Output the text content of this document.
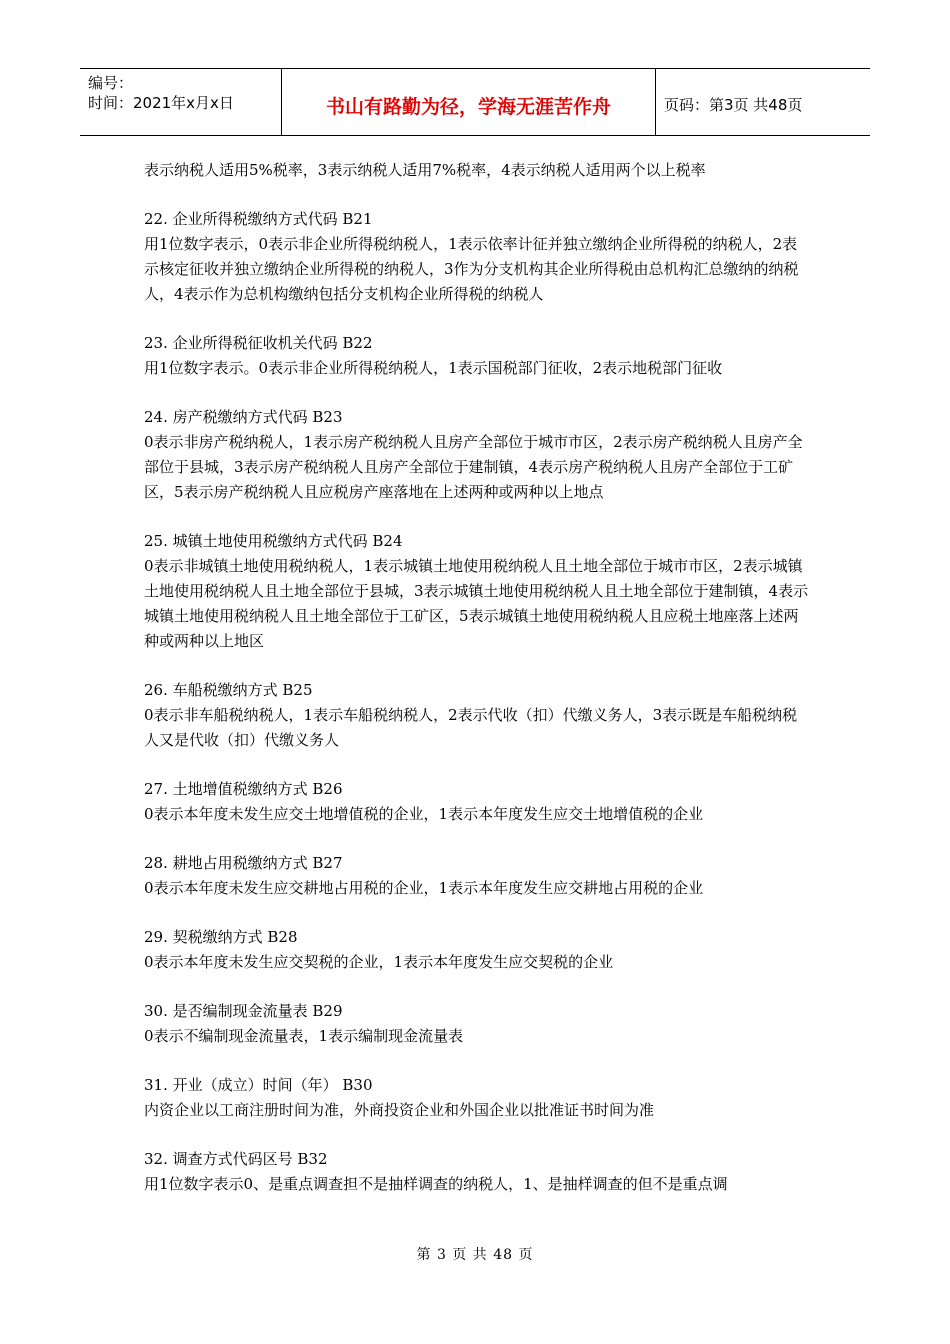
编号：
时间：2021年x月x日	书山有路勤为径，学海无涯苦作舟	页码：第3页 共48页

表示纳税人适用5%税率，3表示纳税人适用7%税率，4表示纳税人适用两个以上税率

22. 企业所得税缴纳方式代码 B21

用1位数字表示，0表示非企业所得税纳税人，1表示依率计征并独立缴纳企业所得税的纳税人，2表示核定征收并独立缴纳企业所得税的纳税人，3作为分支机构其企业所得税由总机构汇总缴纳的纳税人，4表示作为总机构缴纳包括分支机构企业所得税的纳税人

23. 企业所得税征收机关代码 B22

用1位数字表示。0表示非企业所得税纳税人，1表示国税部门征收，2表示地税部门征收

24. 房产税缴纳方式代码 B23

0表示非房产税纳税人，1表示房产税纳税人且房产全部位于城市市区，2表示房产税纳税人且房产全部位于县城，3表示房产税纳税人且房产全部位于建制镇，4表示房产税纳税人且房产全部位于工矿区，5表示房产税纳税人且应税房产座落地在上述两种或两种以上地点

25. 城镇土地使用税缴纳方式代码 B24

0表示非城镇土地使用税纳税人，1表示城镇土地使用税纳税人且土地全部位于城市市区，2表示城镇土地使用税纳税人且土地全部位于县城，3表示城镇土地使用税纳税人且土地全部位于建制镇，4表示城镇土地使用税纳税人且土地全部位于工矿区，5表示城镇土地使用税纳税人且应税土地座落上述两种或两种以上地区

26. 车船税缴纳方式 B25

0表示非车船税纳税人，1表示车船税纳税人，2表示代收（扣）代缴义务人，3表示既是车船税纳税人又是代收（扣）代缴义务人

27. 土地增值税缴纳方式 B26

0表示本年度未发生应交土地增值税的企业，1表示本年度发生应交土地增值税的企业

28. 耕地占用税缴纳方式 B27

0表示本年度未发生应交耕地占用税的企业，1表示本年度发生应交耕地占用税的企业

29. 契税缴纳方式 B28

0表示本年度未发生应交契税的企业，1表示本年度发生应交契税的企业

30. 是否编制现金流量表 B29

0表示不编制现金流量表，1表示编制现金流量表

31. 开业（成立）时间（年） B30

内资企业以工商注册时间为准，外商投资企业和外国企业以批准证书时间为准

32. 调查方式代码区号 B32

用1位数字表示0、是重点调查担不是抽样调查的纳税人，1、是抽样调查的但不是重点调

第 3 页 共 48 页
